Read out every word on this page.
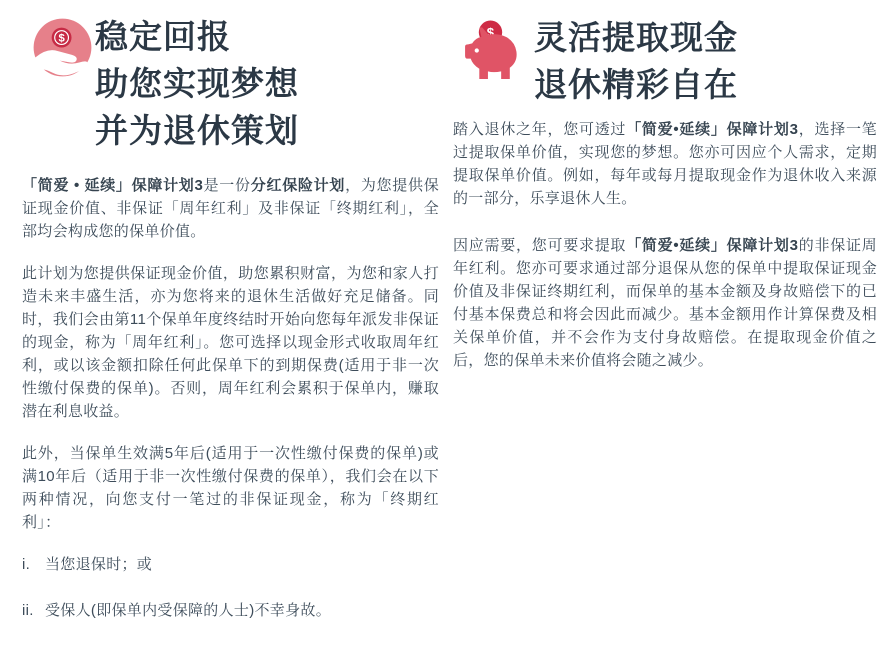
$ 稳定回报
助您实现梦想
并为退休策划

「简爱 • 延续」保障计划3是一份分红保险计划，为您提供保证现金价值、非保证「周年红利」及非保证「终期红利」，全部均会构成您的保单价值。

此计划为您提供保证现金价值，助您累积财富，为您和家人打造未来丰盛生活，亦为您将来的退休生活做好充足储备。同时，我们会由第11个保单年度终结时开始向您每年派发非保证的现金，称为「周年红利」。您可选择以现金形式收取周年红利，或以该金额扣除任何此保单下的到期保费(适用于非一次性缴付保费的保单)。否则，周年红利会累积于保单内，赚取潜在利息收益。

此外，当保单生效满5年后(适用于一次性缴付保费的保单)或满10年后（适用于非一次性缴付保费的保单），我们会在以下两种情况，向您支付一笔过的非保证现金，称为「终期红利」：

i. 当您退保时；或
ii. 受保人(即保单内受保障的人士)不幸身故。
$ 灵活提取现金
退休精彩自在

踏入退休之年，您可透过「简爱•延续」保障计划3，选择一笔过提取保单价值，实现您的梦想。您亦可因应个人需求，定期提取保单价值。例如，每年或每月提取现金作为退休收入来源的一部分，乐享退休人生。

因应需要，您可要求提取「简爱•延续」保障计划3的非保证周年红利。您亦可要求通过部分退保从您的保单中提取保证现金价值及非保证终期红利，而保单的基本金额及身故赔偿下的已付基本保费总和将会因此而减少。基本金额用作计算保费及相关保单价值，并不会作为支付身故赔偿。在提取现金价值之后，您的保单未来价值将会随之减少。
